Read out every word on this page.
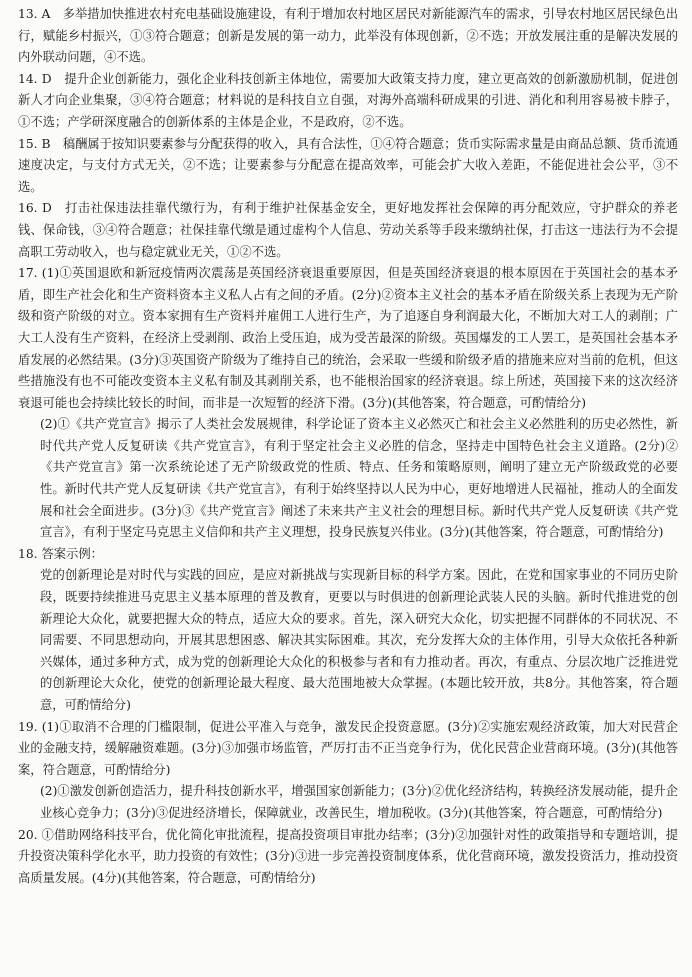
13. A　多举措加快推进农村充电基础设施建设，有利于增加农村地区居民对新能源汽车的需求，引导农村地区居民绿色出行，赋能乡村振兴，①③符合题意；创新是发展的第一动力，此举没有体现创新，②不选；开放发展注重的是解决发展的内外联动问题，④不选。

14. D　提升企业创新能力，强化企业科技创新主体地位，需要加大政策支持力度，建立更高效的创新激励机制，促进创新人才向企业集聚，③④符合题意；材料说的是科技自立自强，对海外高端科研成果的引进、消化和利用容易被卡脖子，①不选；产学研深度融合的创新体系的主体是企业，不是政府，②不选。

15. B　稿酬属于按知识要素参与分配获得的收入，具有合法性，①④符合题意；货币实际需求量是由商品总额、货币流通速度决定，与支付方式无关，②不选；让要素参与分配意在提高效率，可能会扩大收入差距，不能促进社会公平，③不选。

16. D　打击社保违法挂靠代缴行为，有利于维护社保基金安全，更好地发挥社会保障的再分配效应，守护群众的养老钱、保命钱，③④符合题意；社保挂靠代缴是通过虚构个人信息、劳动关系等手段来缴纳社保，打击这一违法行为不会提高职工劳动收入，也与稳定就业无关，①②不选。

17. (1)①英国退欧和新冠疫情两次震荡是英国经济衰退重要原因，但是英国经济衰退的根本原因在于英国社会的基本矛盾，即生产社会化和生产资料资本主义私人占有之间的矛盾。(2分)②资本主义社会的基本矛盾在阶级关系上表现为无产阶级和资产阶级的对立。资本家拥有生产资料并雇佣工人进行生产，为了追逐自身利润最大化，不断加大对工人的剥削；广大工人没有生产资料，在经济上受剥削、政治上受压迫，成为受苦最深的阶级。英国爆发的工人罢工，是英国社会基本矛盾发展的必然结果。(3分)③英国资产阶级为了维持自己的统治，会采取一些缓和阶级矛盾的措施来应对当前的危机，但这些措施没有也不可能改变资本主义私有制及其剥削关系，也不能根治国家的经济衰退。综上所述，英国接下来的这次经济衰退可能也会持续比较长的时间，而非是一次短暂的经济下滑。(3分)(其他答案，符合题意，可酌情给分)

(2)①《共产党宣言》揭示了人类社会发展规律，科学论证了资本主义必然灭亡和社会主义必然胜利的历史必然性，新时代共产党人反复研读《共产党宣言》，有利于坚定社会主义必胜的信念，坚持走中国特色社会主义道路。(2分)②《共产党宣言》第一次系统论述了无产阶级政党的性质、特点、任务和策略原则，阐明了建立无产阶级政党的必要性。新时代共产党人反复研读《共产党宣言》，有利于始终坚持以人民为中心，更好地增进人民福祉，推动人的全面发展和社会全面进步。(3分)③《共产党宣言》阐述了未来共产主义社会的理想目标。新时代共产党人反复研读《共产党宣言》，有利于坚定马克思主义信仰和共产主义理想，投身民族复兴伟业。(3分)(其他答案，符合题意，可酌情给分)

18. 答案示例：

党的创新理论是对时代与实践的回应，是应对新挑战与实现新目标的科学方案。因此，在党和国家事业的不同历史阶段，既要持续推进马克思主义基本原理的普及教育，更要以与时俱进的创新理论武装人民的头脑。新时代推进党的创新理论大众化，就要把握大众的特点，适应大众的要求。首先，深入研究大众化，切实把握不同群体的不同状况、不同需要、不同思想动向，开展其思想困惑、解决其实际困难。其次，充分发挥大众的主体作用，引导大众依托各种新兴媒体，通过多种方式，成为党的创新理论大众化的积极参与者和有力推动者。再次，有重点、分层次地广泛推进党的创新理论大众化，使党的创新理论最大程度、最大范围地被大众掌握。(本题比较开放，共8分。其他答案，符合题意，可酌情给分)

19. (1)①取消不合理的门槛限制，促进公平准入与竞争，激发民企投资意愿。(3分)②实施宏观经济政策，加大对民营企业的金融支持，缓解融资难题。(3分)③加强市场监管，严厉打击不正当竞争行为，优化民营企业营商环境。(3分)(其他答案，符合题意，可酌情给分)

(2)①激发创新创造活力，提升科技创新水平，增强国家创新能力；(3分)②优化经济结构，转换经济发展动能，提升企业核心竞争力；(3分)③促进经济增长，保障就业，改善民生，增加税收。(3分)(其他答案，符合题意，可酌情给分)

20. ①借助网络科技平台，优化简化审批流程，提高投资项目审批办结率；(3分)②加强针对性的政策指导和专题培训，提升投资决策科学化水平，助力投资的有效性；(3分)③进一步完善投资制度体系，优化营商环境，激发投资活力，推动投资高质量发展。(4分)(其他答案，符合题意，可酌情给分)
